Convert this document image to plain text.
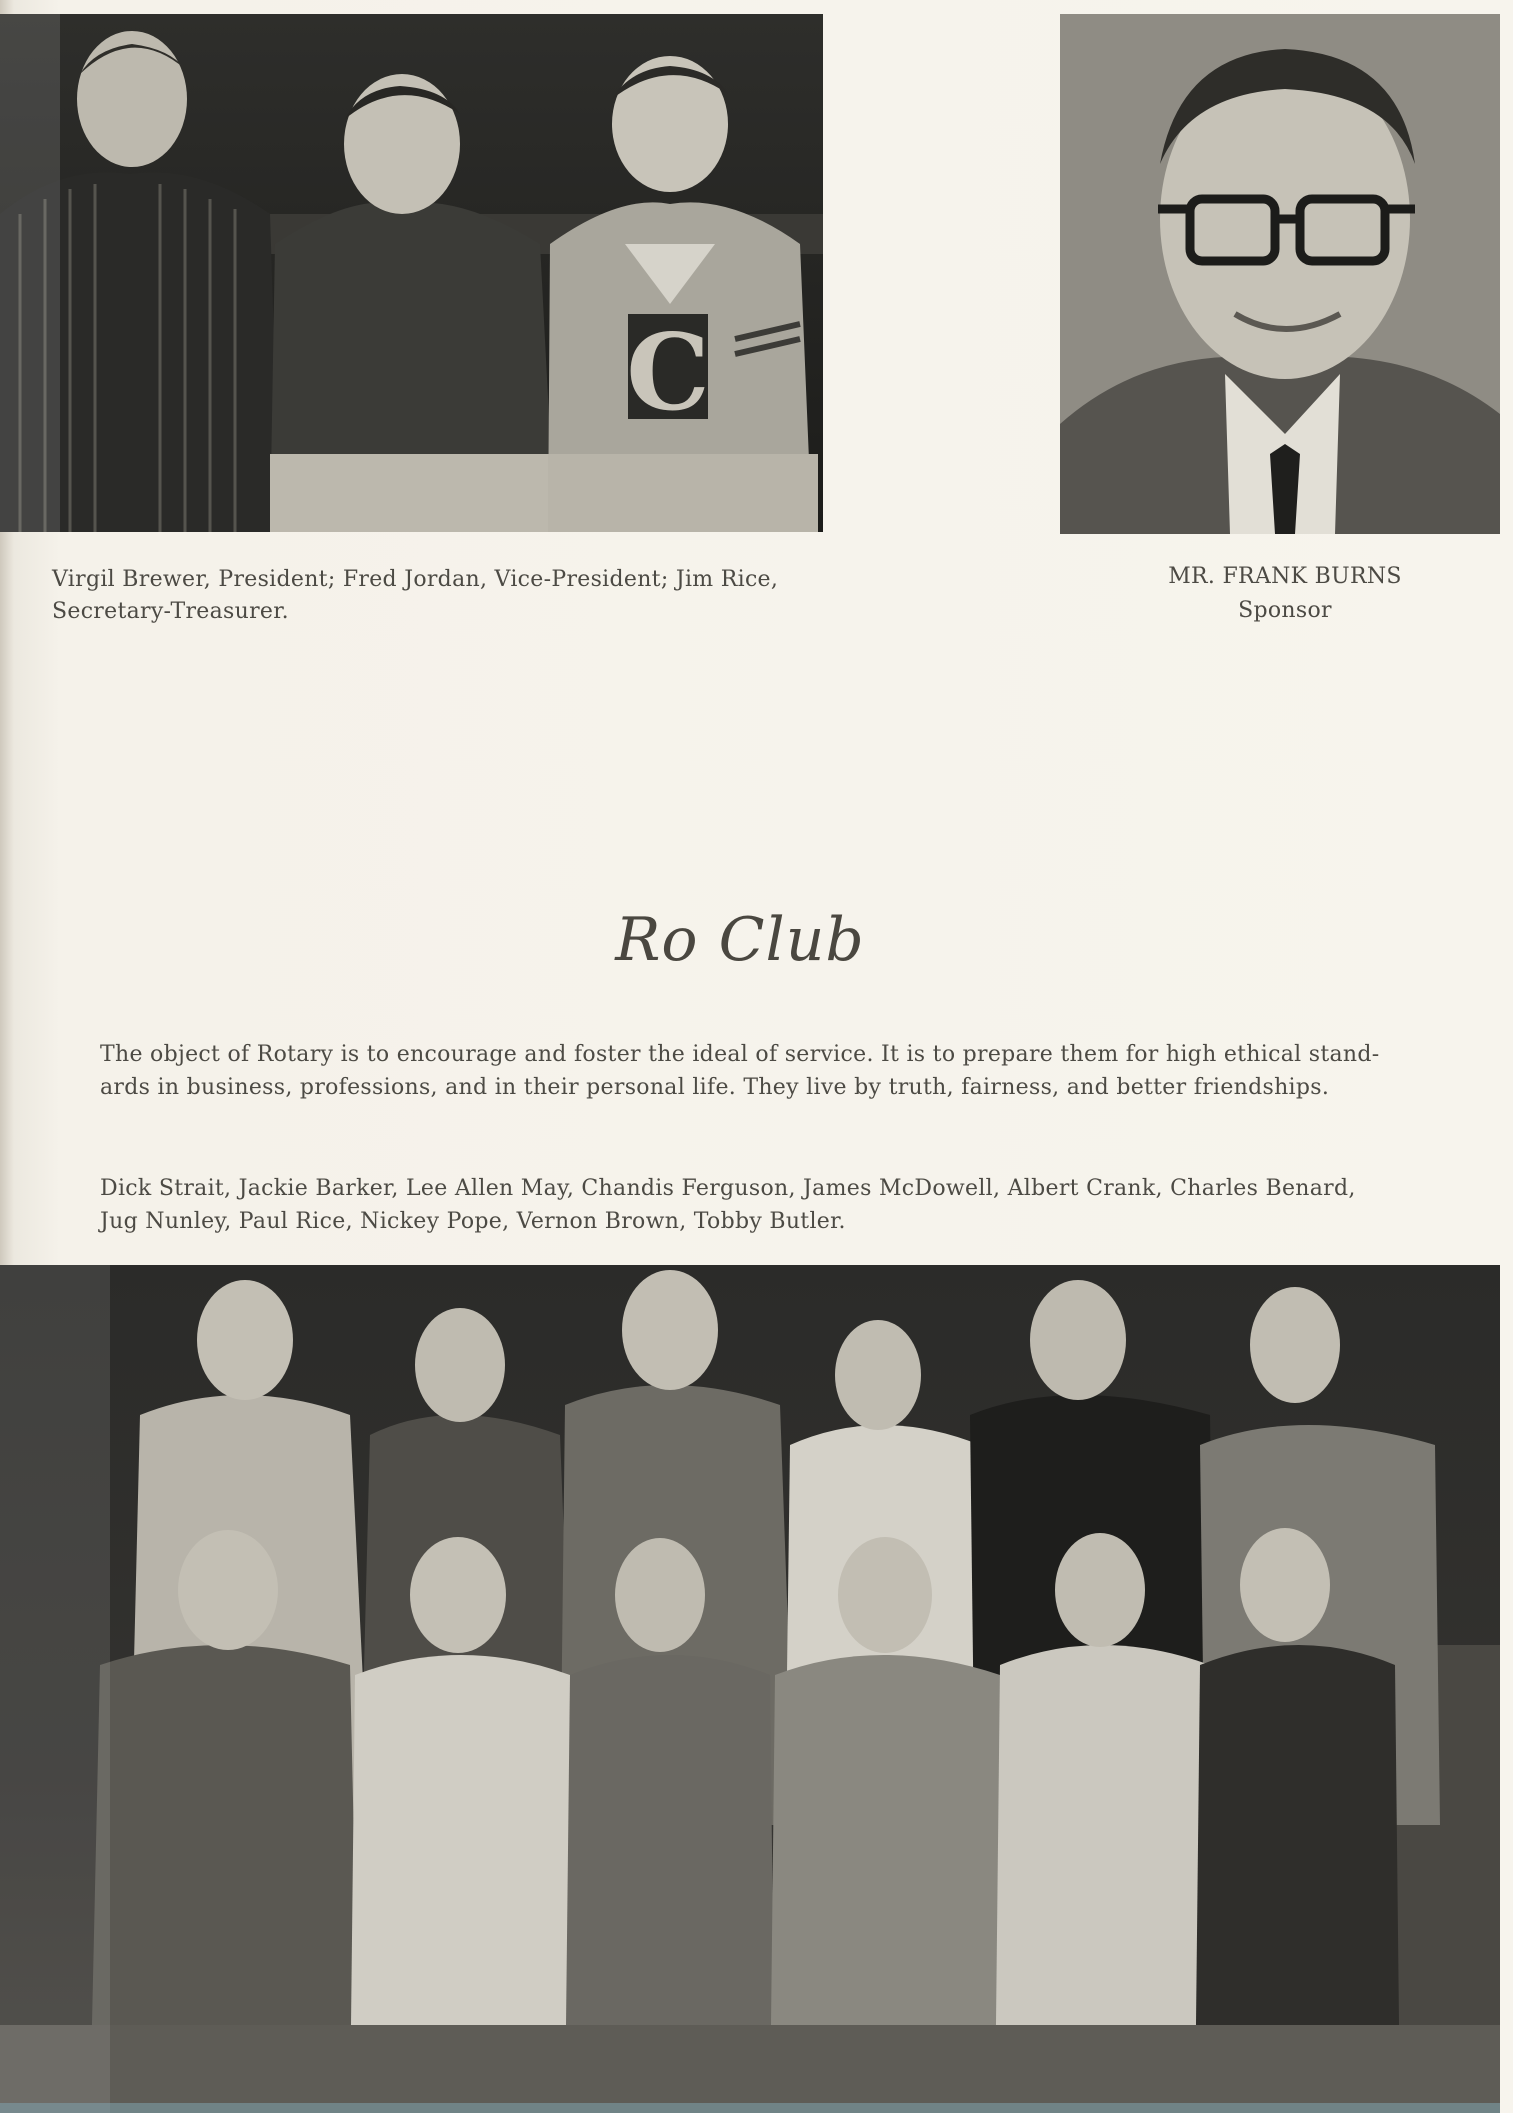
C
Virgil Brewer, President; Fred Jordan, Vice-President; Jim Rice,
Secretary-Treasurer.
MR. FRANK BURNS
Sponsor
Ro Club
The object of Rotary is to encourage and foster the ideal of service. It is to prepare them for high ethical stand-
ards in business, professions, and in their personal life. They live by truth, fairness, and better friendships.
Dick Strait, Jackie Barker, Lee Allen May, Chandis Ferguson, James McDowell, Albert Crank, Charles Benard,
Jug Nunley, Paul Rice, Nickey Pope, Vernon Brown, Tobby Butler.
